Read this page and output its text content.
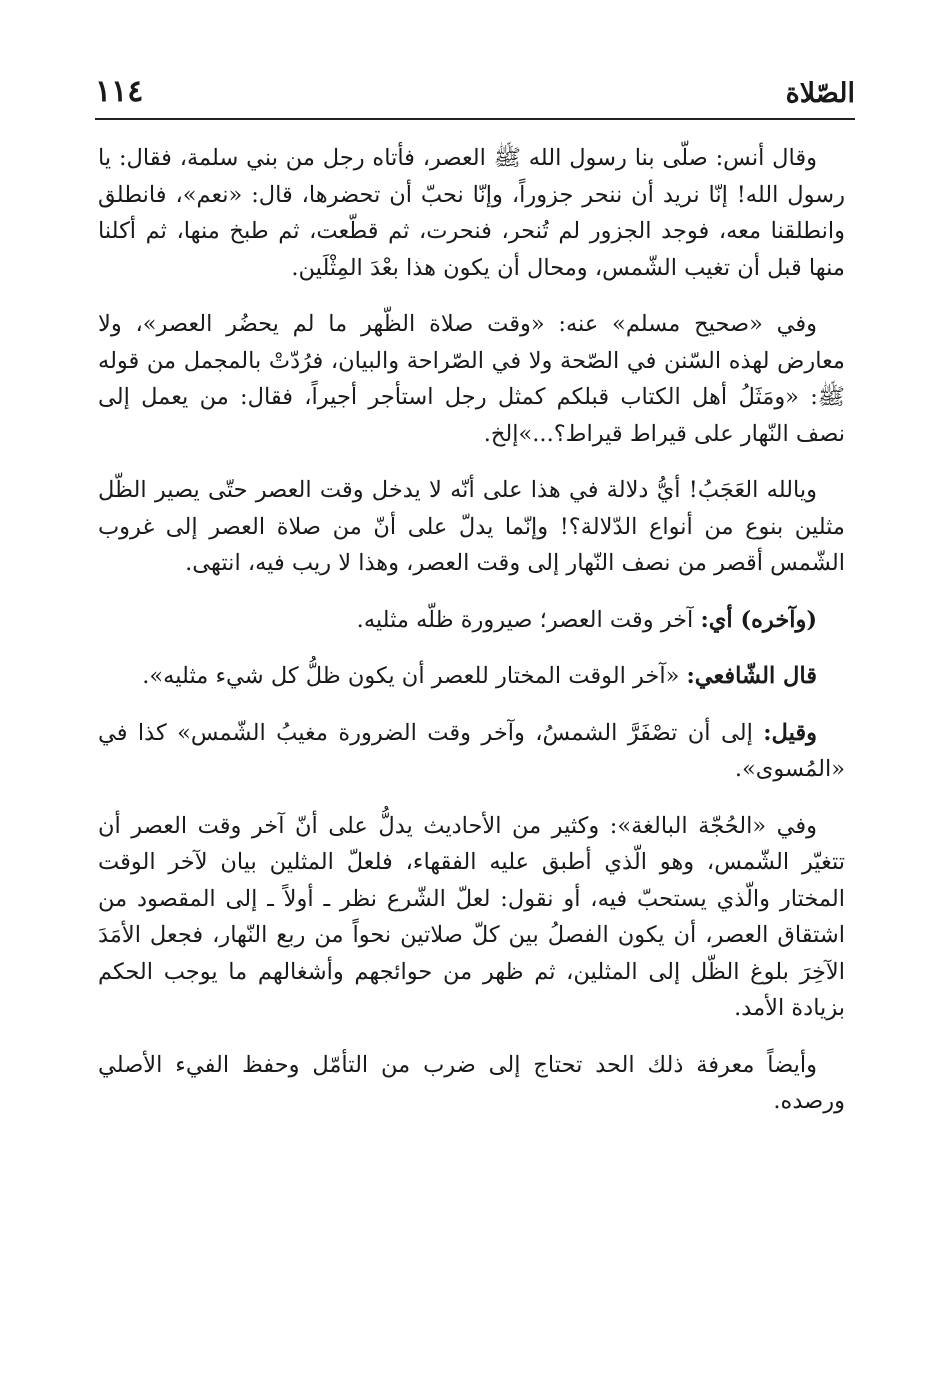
الصّلاة
١١٤

وقال أنس: صلّى بنا رسول الله ﷺ العصر، فأتاه رجل من بني سلمة، فقال: يا رسول الله! إنّا نريد أن ننحر جزوراً، وإنّا نحبّ أن تحضرها، قال: «نعم»، فانطلق وانطلقنا معه، فوجد الجزور لم تُنحر، فنحرت، ثم قطّعت، ثم طبخ منها، ثم أكلنا منها قبل أن تغيب الشّمس، ومحال أن يكون هذا بعْدَ المِثْلَين.

وفي «صحيح مسلم» عنه: «وقت صلاة الظّهر ما لم يحضُر العصر»، ولا معارض لهذه السّنن في الصّحة ولا في الصّراحة والبيان، فرُدّتْ بالمجمل من قوله ﷺ: «ومَثَلُ أهل الكتاب قبلكم كمثل رجل استأجر أجيراً، فقال: من يعمل إلى نصف النّهار على قيراط قيراط؟...»إلخ.

ويالله العَجَبُ! أيُّ دلالة في هذا على أنّه لا يدخل وقت العصر حتّى يصير الظّل مثلين بنوع من أنواع الدّلالة؟! وإنّما يدلّ على أنّ من صلاة العصر إلى غروب الشّمس أقصر من نصف النّهار إلى وقت العصر، وهذا لا ريب فيه، انتهى.

(وآخره) أي: آخر وقت العصر؛ صيرورة ظلّه مثليه.

قال الشّافعي: «آخر الوقت المختار للعصر أن يكون ظلُّ كل شيء مثليه».

وقيل: إلى أن تصْفَرَّ الشمسُ، وآخر وقت الضرورة مغيبُ الشّمس» كذا في «المُسوى».

وفي «الحُجّة البالغة»: وكثير من الأحاديث يدلُّ على أنّ آخر وقت العصر أن تتغيّر الشّمس، وهو الّذي أطبق عليه الفقهاء، فلعلّ المثلين بيان لآخر الوقت المختار والّذي يستحبّ فيه، أو نقول: لعلّ الشّرع نظر ـ أولاً ـ إلى المقصود من اشتقاق العصر، أن يكون الفصلُ بين كلّ صلاتين نحواً من ربع النّهار، فجعل الأمَدَ الآخِرَ بلوغ الظّل إلى المثلين، ثم ظهر من حوائجهم وأشغالهم ما يوجب الحكم بزيادة الأمد.

وأيضاً معرفة ذلك الحد تحتاج إلى ضرب من التأمّل وحفظ الفيء الأصلي ورصده.
